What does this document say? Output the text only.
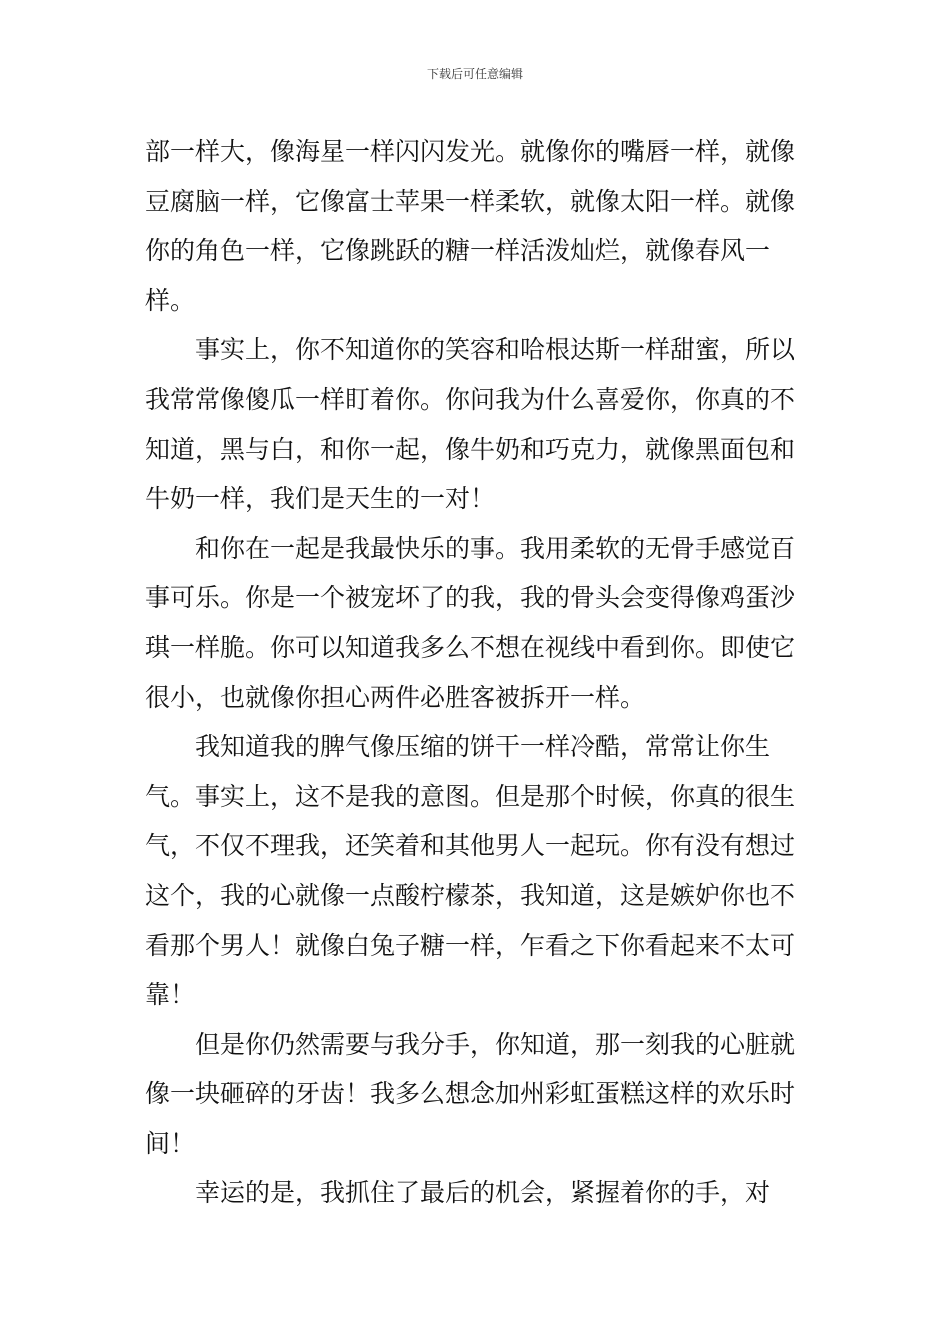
下载后可任意编辑

部一样大，像海星一样闪闪发光。就像你的嘴唇一样，就像豆腐脑一样，它像富士苹果一样柔软，就像太阳一样。就像你的角色一样，它像跳跃的糖一样活泼灿烂，就像春风一样。

事实上，你不知道你的笑容和哈根达斯一样甜蜜，所以我常常像傻瓜一样盯着你。你问我为什么喜爱你，你真的不知道，黑与白，和你一起，像牛奶和巧克力，就像黑面包和牛奶一样，我们是天生的一对！

和你在一起是我最快乐的事。我用柔软的无骨手感觉百事可乐。你是一个被宠坏了的我，我的骨头会变得像鸡蛋沙琪一样脆。你可以知道我多么不想在视线中看到你。即使它很小，也就像你担心两件必胜客被拆开一样。

我知道我的脾气像压缩的饼干一样冷酷，常常让你生气。事实上，这不是我的意图。但是那个时候，你真的很生气，不仅不理我，还笑着和其他男人一起玩。你有没有想过这个，我的心就像一点酸柠檬茶，我知道，这是嫉妒你也不看那个男人！就像白兔子糖一样，乍看之下你看起来不太可靠！

但是你仍然需要与我分手，你知道，那一刻我的心脏就像一块砸碎的牙齿！我多么想念加州彩虹蛋糕这样的欢乐时间！

幸运的是，我抓住了最后的机会，紧握着你的手，对
